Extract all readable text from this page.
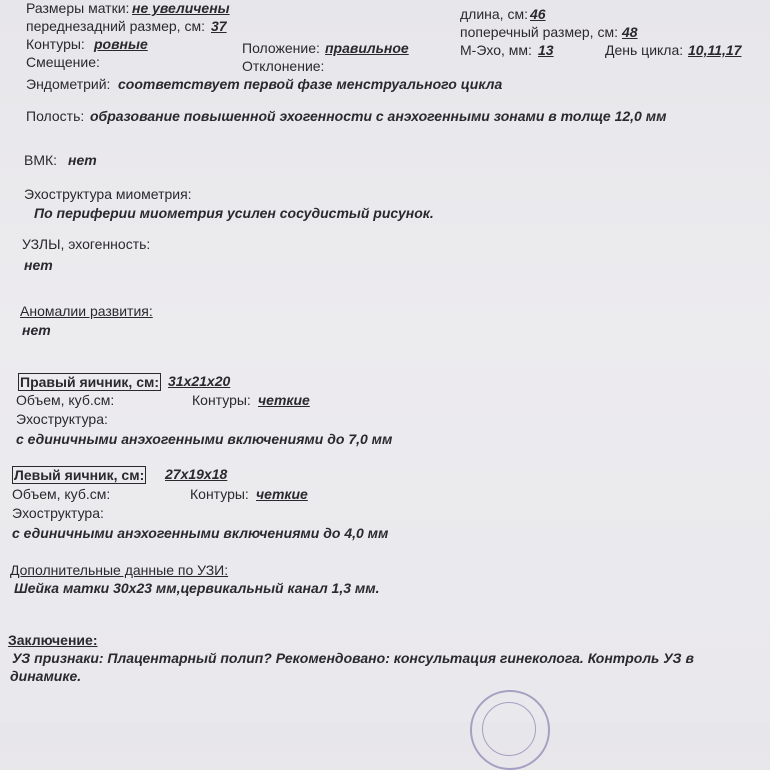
Размеры матки: не увеличены	длина, см: 46
переднезадний размер, см: 37	поперечный размер, см: 48
Контуры: ровные	Положение: правильное	М-Эхо, мм: 13	День цикла: 10,11,17
Смещение:	Отклонение:
Эндометрий: соответствует первой фазе менструального цикла
Полость: образование повышенной эхогенности с анэхогенными зонами в толще 12,0 мм
ВМК: нет
Эхоструктура миометрия:
По периферии миометрия усилен сосудистый рисунок.
УЗЛЫ, эхогенность:
нет
Аномалии развития:
нет
Правый яичник, см: 31x21x20
Объем, куб.см:	Контуры: четкие
Эхоструктура:
с единичными анэхогенными включениями до 7,0 мм
Левый яичник, см: 27x19x18
Объем, куб.см:	Контуры: четкие
Эхоструктура:
с единичными анэхогенными включениями до 4,0 мм
Дополнительные данные по УЗИ:
Шейка матки 30х23 мм,цервикальный канал 1,3 мм.
Заключение:
УЗ признаки: Плацентарный полип? Рекомендовано: консультация гинеколога. Контроль УЗ в
динамике.
